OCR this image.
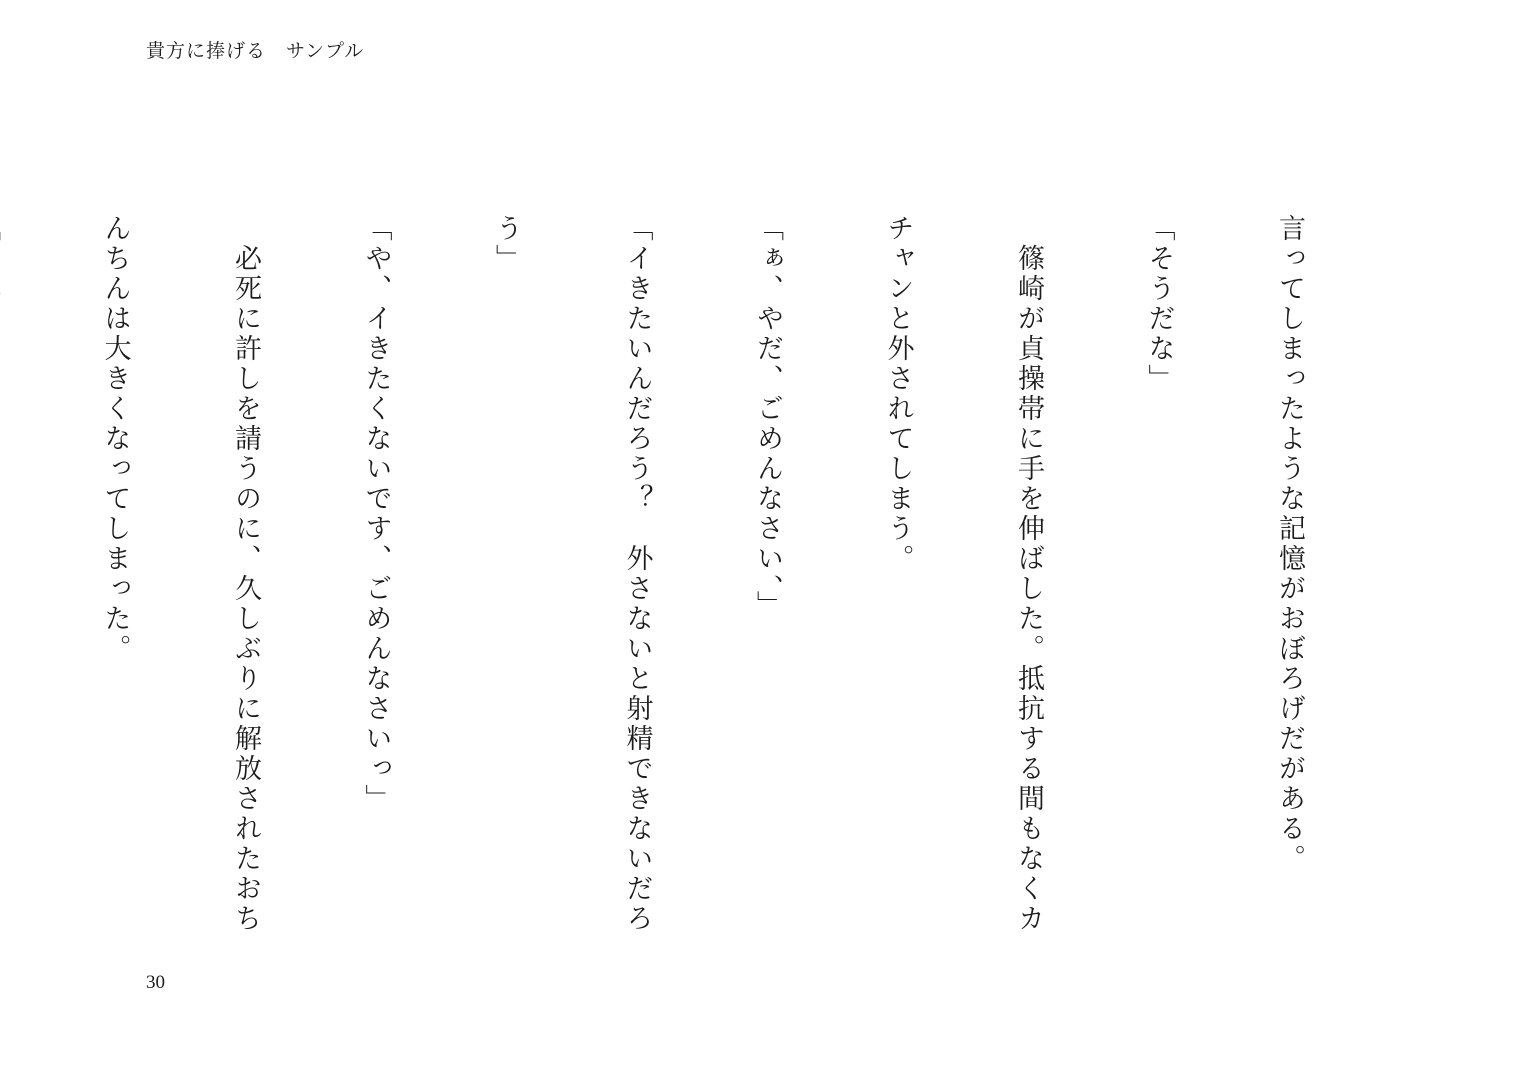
貴方に捧げる　サンプル

言ってしまったような記憶がおぼろげだがある。

「そうだな」

　篠崎が貞操帯に手を伸ばした。抵抗する間もなくカ

チャンと外されてしまう。

「ぁ、やだ、ごめんなさい、」

「イきたいんだろう？　外さないと射精できないだろ

う」

「や、イきたくないです、ごめんなさいっ」

　必死に許しを請うのに、久しぶりに解放されたおち

んちんは大きくなってしまった。

30
